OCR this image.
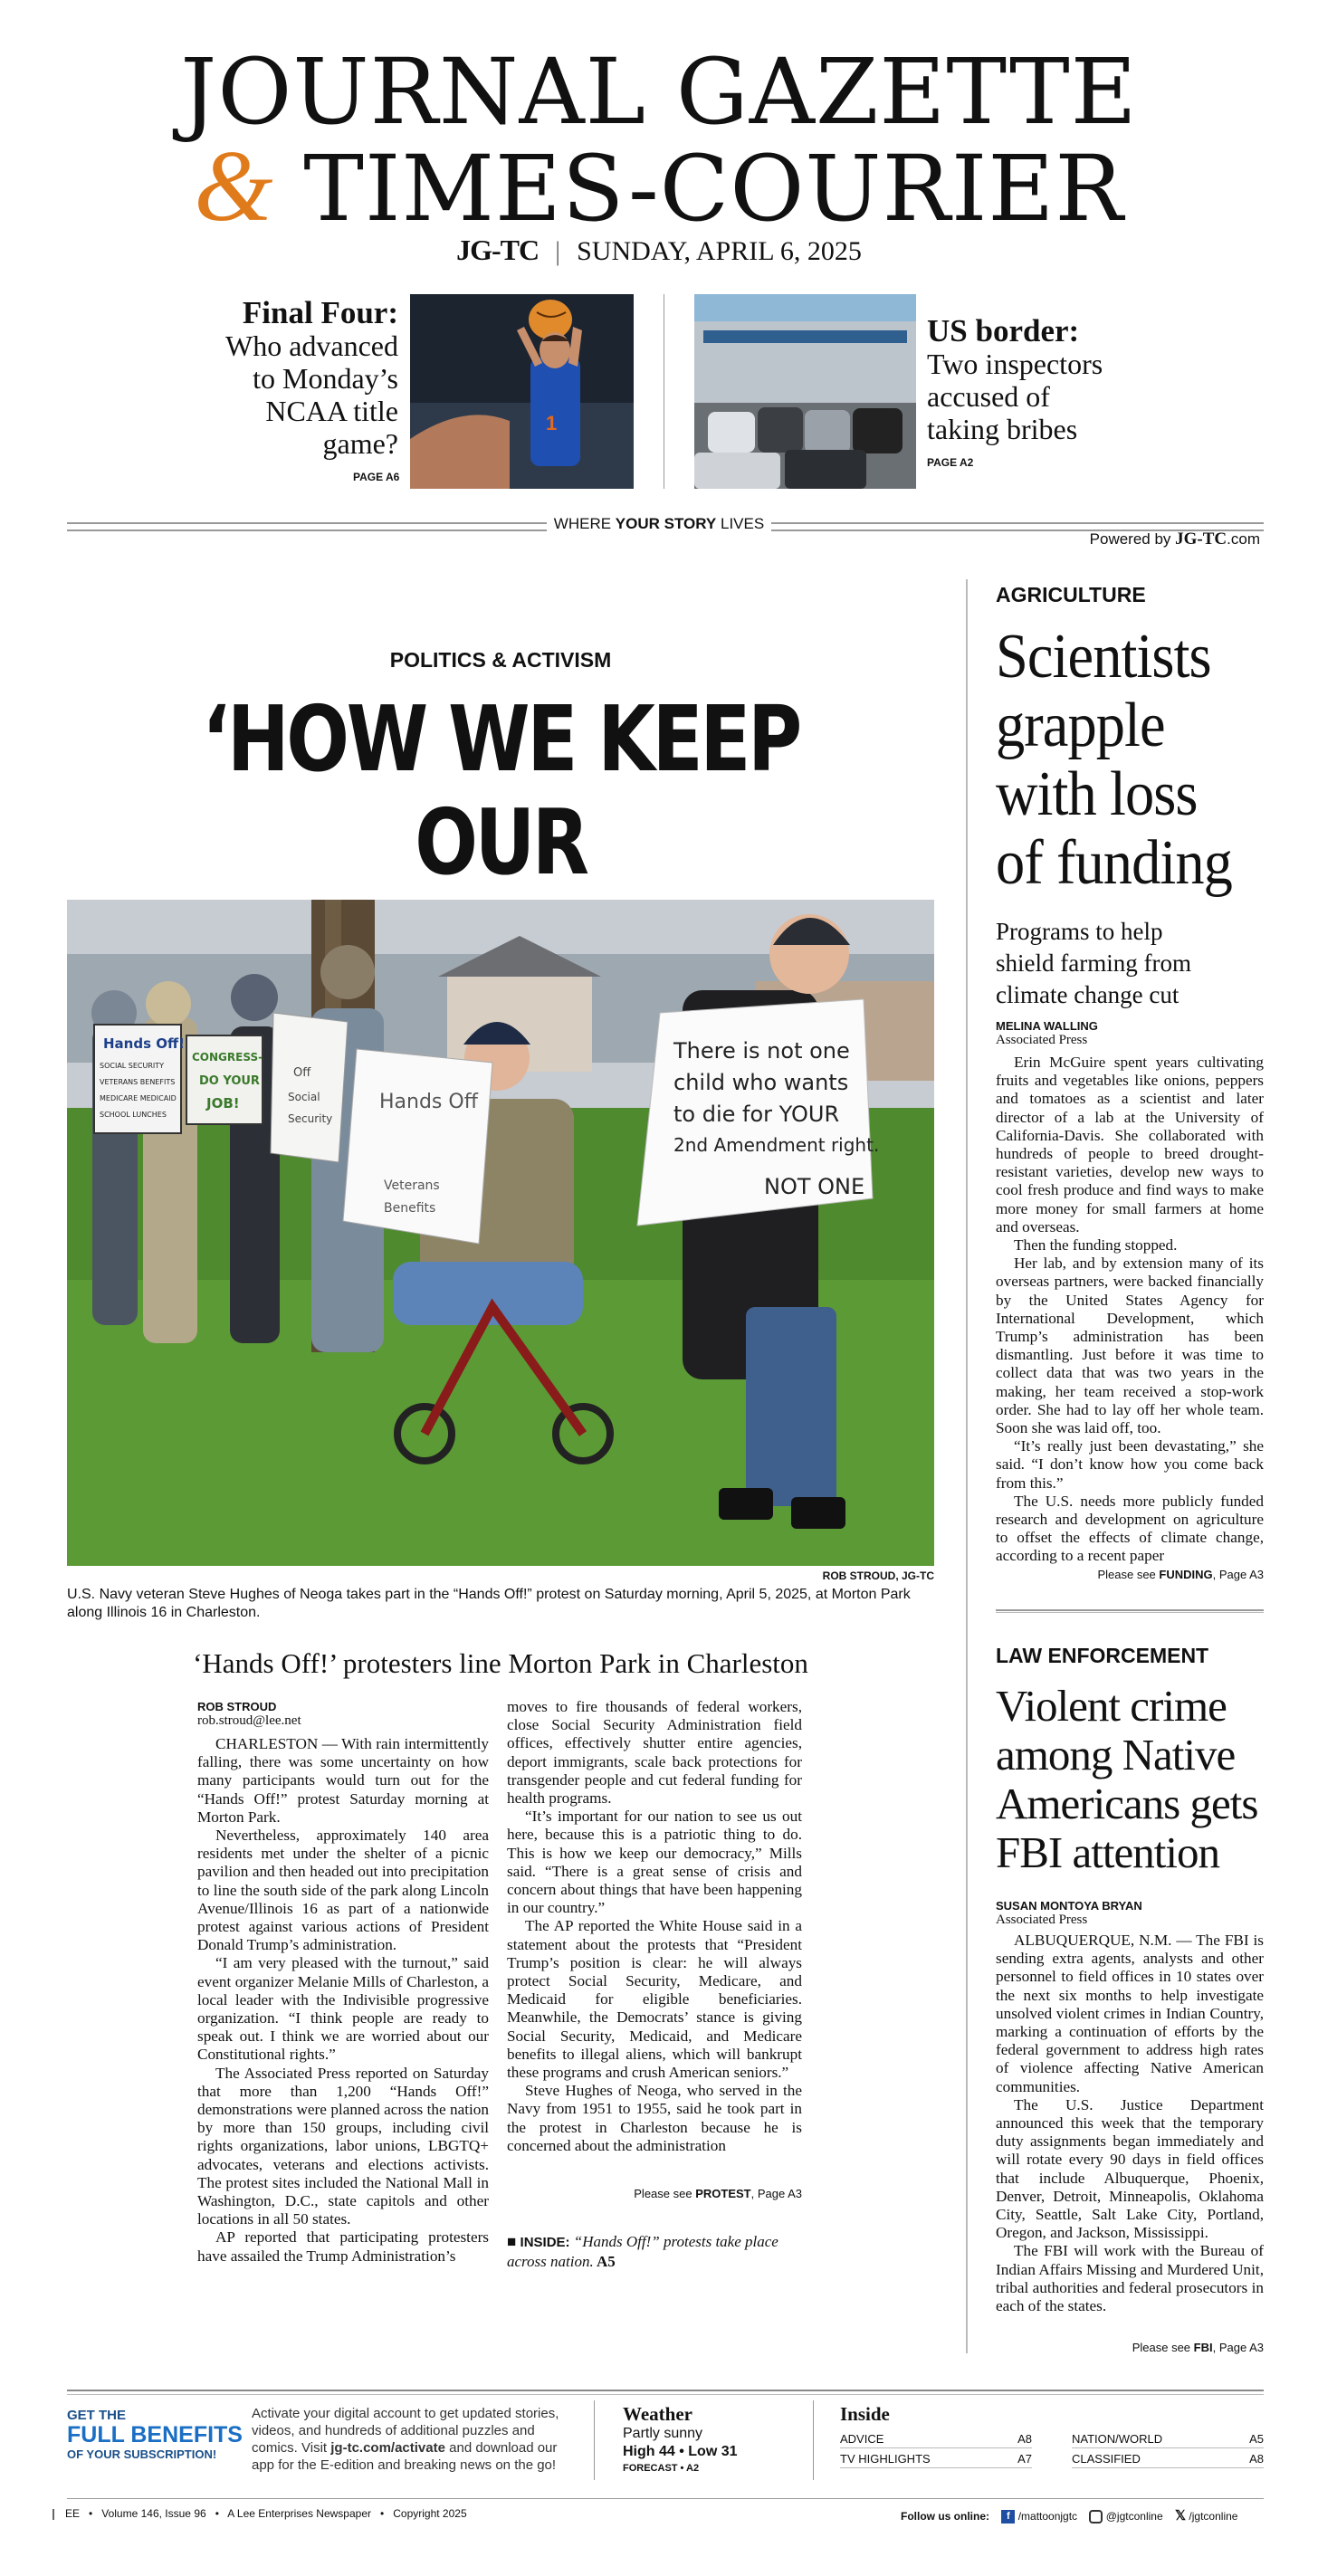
JOURNAL GAZETTE
& TIMES-COURIER
JG-TC | SUNDAY, APRIL 6, 2025
Final Four:
Who advanced
to Monday’s
NCAA title
game?
PAGE A6
1
US border:
Two inspectors
accused of
taking bribes
PAGE A2
WHERE YOUR STORY LIVES
Powered by JG-TC.com
POLITICS & ACTIVISM
‘HOW WE KEEP
OUR
Hands Off!
SOCIAL SECURITY
VETERANS BENEFITS
MEDICARE MEDICAID
SCHOOL LUNCHES
CONGRESS-
DO YOUR
JOB!
Off
Social
Security
Hands Off
Veterans
Benefits
There is not one
child who wants
to die for YOUR
2nd Amendment right.
NOT ONE
ROB STROUD, JG-TC
U.S. Navy veteran Steve Hughes of Neoga takes part in the “Hands Off!” protest on Saturday morning, April 5, 2025, at Morton Park along Illinois 16 in Charleston.
‘Hands Off!’ protesters line Morton Park in Charleston
ROB STROUD
rob.stroud@lee.net

CHARLESTON — With rain intermittently falling, there was some uncertainty on how many participants would turn out for the “Hands Off!” protest Saturday morning at Morton Park.

Nevertheless, approximately 140 area residents met under the shelter of a picnic pavilion and then headed out into precipitation to line the south side of the park along Lincoln Avenue/Illinois 16 as part of a nationwide protest against various actions of President Donald Trump’s administration.

“I am very pleased with the turnout,” said event organizer Melanie Mills of Charleston, a local leader with the Indivisible progressive organization. “I think people are ready to speak out. I think we are worried about our Constitutional rights.”

The Associated Press reported on Saturday that more than 1,200 “Hands Off!” demonstrations were planned across the nation by more than 150 groups, including civil rights organizations, labor unions, LBGTQ+ advocates, veterans and elections activists. The protest sites included the National Mall in Washington, D.C., state capitols and other locations in all 50 states.

AP reported that participating protesters have assailed the Trump Administration’s

moves to fire thousands of federal workers, close Social Security Administration field offices, effectively shutter entire agencies, deport immigrants, scale back protections for transgender people and cut federal funding for health programs.

“It’s important for our nation to see us out here, because this is a patriotic thing to do. This is how we keep our democracy,” Mills said. “There is a great sense of crisis and concern about things that have been happening in our country.”

The AP reported the White House said in a statement about the protests that “President Trump’s position is clear: he will always protect Social Security, Medicare, and Medicaid for eligible beneficiaries. Meanwhile, the Democrats’ stance is giving Social Security, Medicaid, and Medicare benefits to illegal aliens, which will bankrupt these programs and crush American seniors.”

Steve Hughes of Neoga, who served in the Navy from 1951 to 1955, said he took part in the protest in Charleston because he is concerned about the administration

Please see PROTEST, Page A3
■ INSIDE: “Hands Off!” protests take place across nation. A5
AGRICULTURE
Scientists
grapple
with loss
of funding
Programs to help
shield farming from
climate change cut
MELINA WALLING
Associated Press

Erin McGuire spent years cultivating fruits and vegetables like onions, peppers and tomatoes as a scientist and later director of a lab at the University of California-Davis. She collaborated with hundreds of people to breed drought-resistant varieties, develop new ways to cool fresh produce and find ways to make more money for small farmers at home and overseas.

Then the funding stopped.

Her lab, and by extension many of its overseas partners, were backed financially by the United States Agency for International Development, which Trump’s administration has been dismantling. Just before it was time to collect data that was two years in the making, her team received a stop-work order. She had to lay off her whole team. Soon she was laid off, too.

“It’s really just been devastating,” she said. “I don’t know how you come back from this.”

The U.S. needs more publicly funded research and development on agriculture to offset the effects of climate change, according to a recent paper

Please see FUNDING, Page A3
LAW ENFORCEMENT
Violent crime
among Native
Americans gets
FBI attention
SUSAN MONTOYA BRYAN
Associated Press

ALBUQUERQUE, N.M. — The FBI is sending extra agents, analysts and other personnel to field offices in 10 states over the next six months to help investigate unsolved violent crimes in Indian Country, marking a continuation of efforts by the federal government to address high rates of violence affecting Native American communities.

The U.S. Justice Department announced this week that the temporary duty assignments began immediately and will rotate every 90 days in field offices that include Albuquerque, Phoenix, Denver, Detroit, Minneapolis, Oklahoma City, Seattle, Salt Lake City, Portland, Oregon, and Jackson, Mississippi.

The FBI will work with the Bureau of Indian Affairs Missing and Murdered Unit, tribal authorities and federal prosecutors in each of the states.

Please see FBI, Page A3
GET THE
FULL BENEFITS
OF YOUR SUBSCRIPTION!
Activate your digital account to get updated stories, videos, and hundreds of additional puzzles and comics. Visit jg-tc.com/activate and download our app for the E-edition and breaking news on the go!
Weather
Partly sunny
High 44 • Low 31
FORECAST • A2
Inside
ADVICE	A8	NATION/WORLD	A5
TV HIGHLIGHTS	A7	CLASSIFIED	A8
EE • Volume 146, Issue 96 • A Lee Enterprises Newspaper • Copyright 2025	Follow us online: f /mattoonjgtc	@jgtconline 𝕏 /jgtconline
